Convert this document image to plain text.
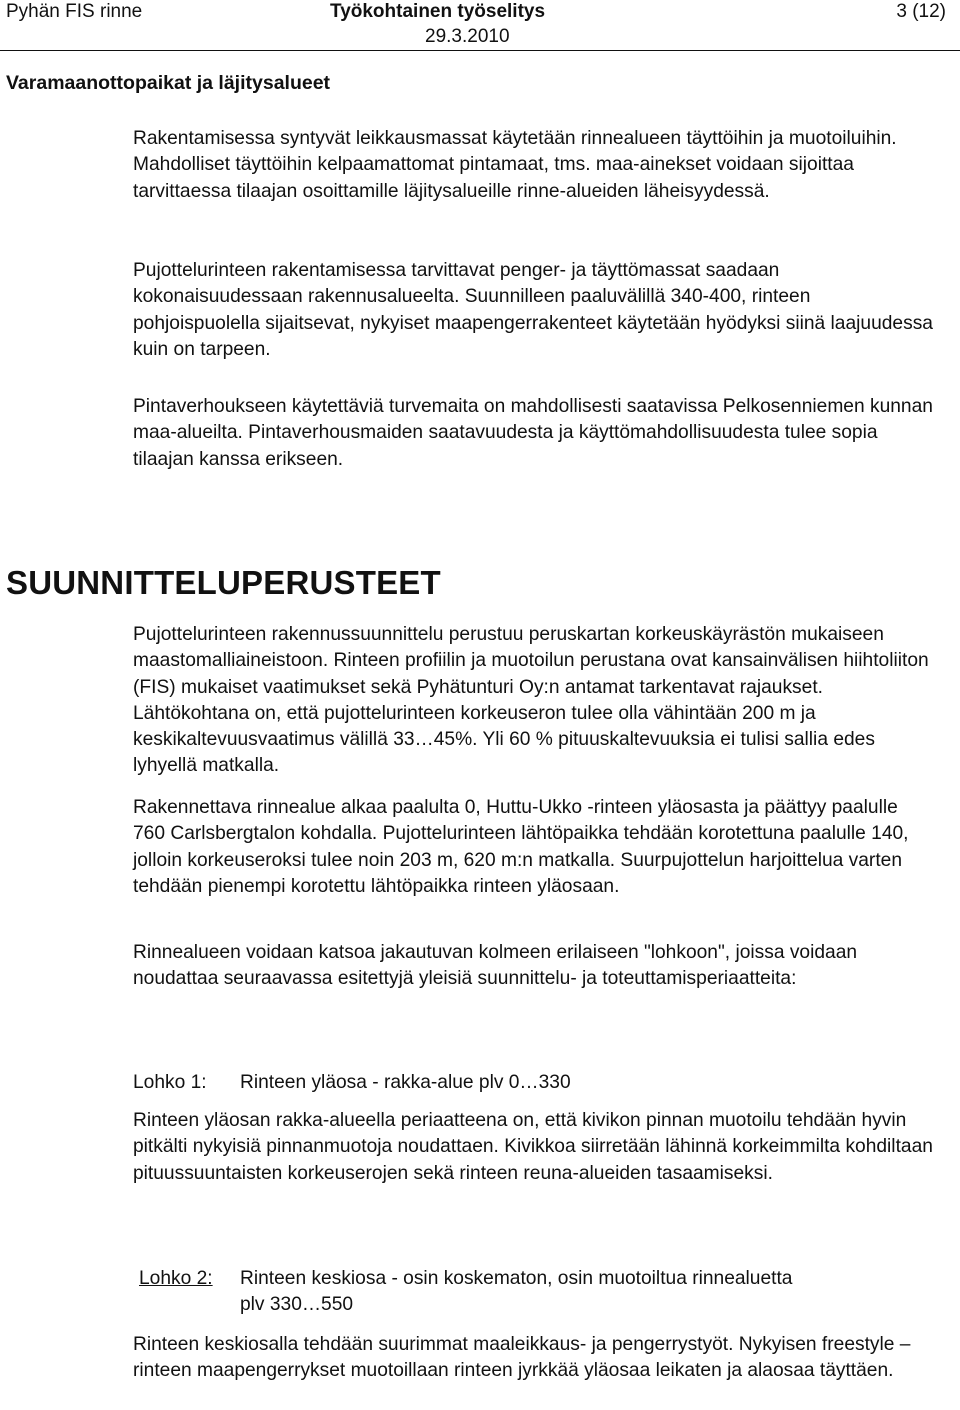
Pyhän FIS rinne	Työkohtainen työselitys
29.3.2010
3 (12)
Varamaanottopaikat ja läjitysalueet

Rakentamisessa syntyvät leikkausmassat käytetään rinnealueen täyttöihin ja muotoiluihin. Mahdolliset täyttöihin kelpaamattomat pintamaat, tms. maa-ainekset voidaan sijoittaa tarvittaessa tilaajan osoittamille läjitysalueille rinne-alueiden läheisyydessä.

Pujottelurinteen rakentamisessa tarvittavat penger- ja täyttömassat saadaan kokonaisuudessaan rakennusalueelta. Suunnilleen paaluvälillä 340-400, rinteen pohjoispuolella sijaitsevat, nykyiset maapengerrakenteet käytetään hyödyksi siinä laajuudessa kuin on tarpeen.

Pintaverhoukseen käytettäviä turvemaita on mahdollisesti saatavissa Pelkosenniemen kunnan maa-alueilta. Pintaverhousmaiden saatavuudesta ja käyttömahdollisuudesta tulee sopia tilaajan kanssa erikseen.

SUUNNITTELUPERUSTEET

Pujottelurinteen rakennussuunnittelu perustuu peruskartan korkeuskäyrästön mukaiseen maastomalliaineistoon. Rinteen profiilin ja muotoilun perustana ovat kansainvälisen hiihtoliiton (FIS) mukaiset vaatimukset sekä Pyhätunturi Oy:n antamat tarkentavat rajaukset. Lähtökohtana on, että pujottelurinteen korkeuseron tulee olla vähintään 200 m ja keskikaltevuusvaatimus välillä 33…45%. Yli 60 % pituuskaltevuuksia ei tulisi sallia edes lyhyellä matkalla.

Rakennettava rinnealue alkaa paalulta 0, Huttu-Ukko -rinteen yläosasta ja päättyy paalulle 760 Carlsbergtalon kohdalla. Pujottelurinteen lähtöpaikka tehdään korotettuna paalulle 140, jolloin korkeuseroksi tulee noin 203 m, 620 m:n matkalla. Suurpujottelun harjoittelua varten tehdään pienempi korotettu lähtöpaikka rinteen yläosaan.

Rinnealueen voidaan katsoa jakautuvan kolmeen erilaiseen "lohkoon", joissa voidaan noudattaa seuraavassa esitettyjä yleisiä suunnittelu- ja toteuttamisperiaatteita:

Lohko 1: Rinteen yläosa - rakka-alue plv 0…330

Rinteen yläosan rakka-alueella periaatteena on, että kivikon pinnan muotoilu tehdään hyvin pitkälti nykyisiä pinnanmuotoja noudattaen. Kivikkoa siirretään lähinnä korkeimmilta kohdiltaan pituussuuntaisten korkeuserojen sekä rinteen reuna-alueiden tasaamiseksi.

Lohko 2: Rinteen keskiosa - osin koskematon, osin muotoiltua rinnealuetta
plv 330…550

Rinteen keskiosalla tehdään suurimmat maaleikkaus- ja pengerrystyöt. Nykyisen freestyle –rinteen maapengerrykset muotoillaan rinteen jyrkkää yläosaa leikaten ja alaosaa täyttäen.
